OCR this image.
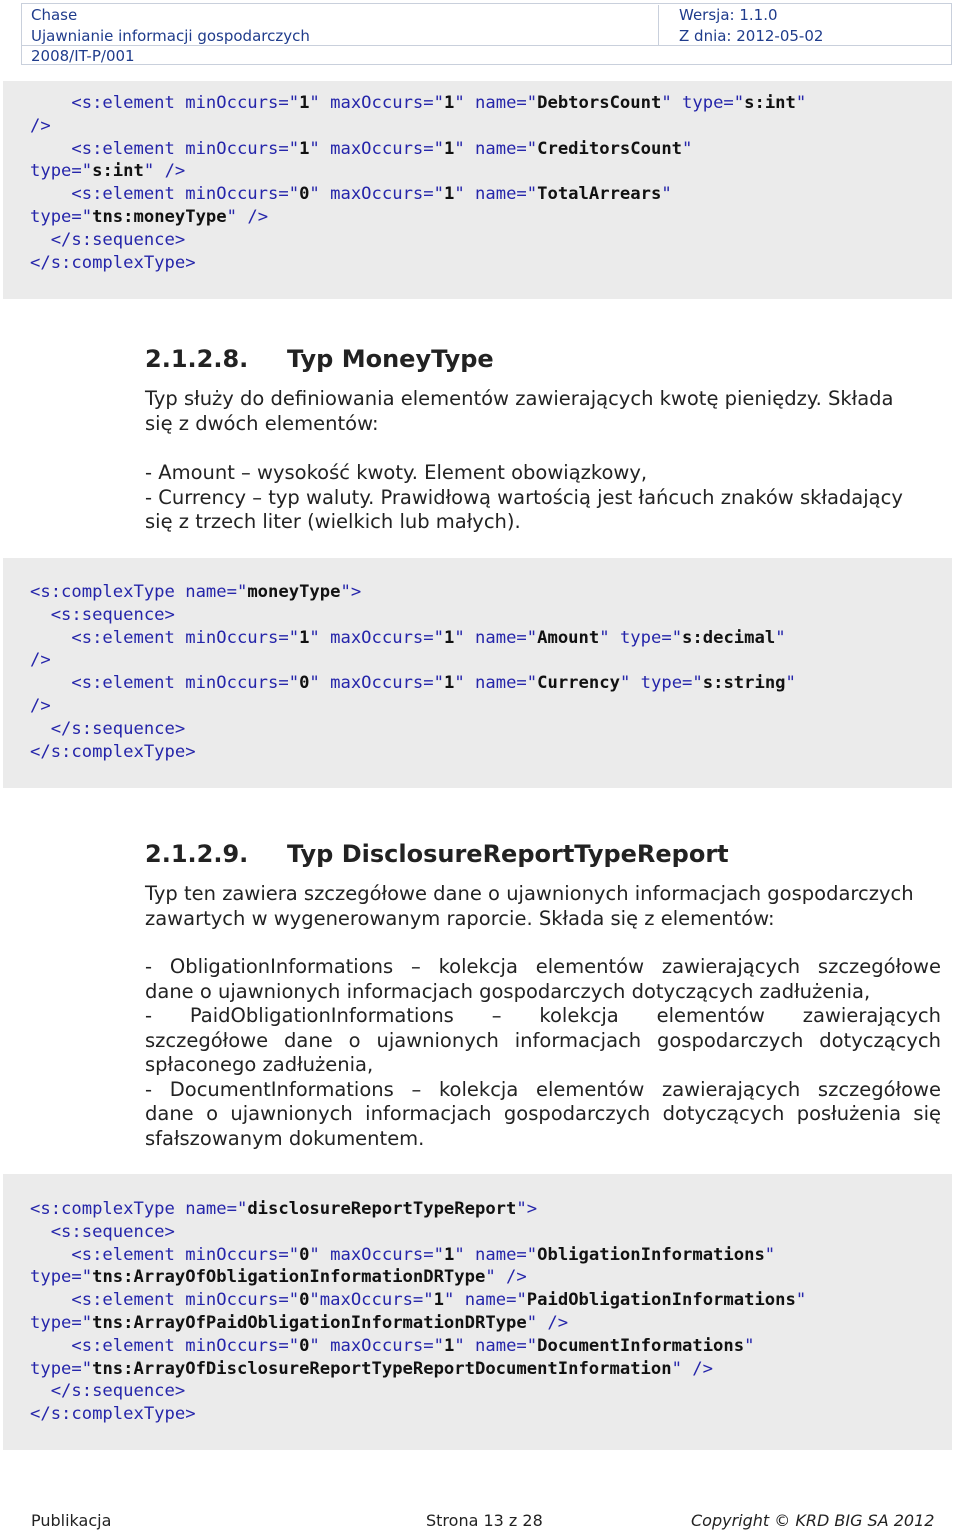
Chase
Ujawnianie informacji gospodarczych
Wersja: 1.1.0
Z dnia: 2012-05-02
2008/IT-P/001
<s:element minOccurs="1" maxOccurs="1" name="DebtorsCount" type="s:int"
/>
<s:element minOccurs="1" maxOccurs="1" name="CreditorsCount"
type="s:int" />
<s:element minOccurs="0" maxOccurs="1" name="TotalArrears"
type="tns:moneyType" />
</s:sequence>
</s:complexType>
2.1.2.8. Typ MoneyType
Typ służy do definiowania elementów zawierających kwotę pieniędzy. Składa
się z dwóch elementów:
- Amount – wysokość kwoty. Element obowiązkowy,
- Currency – typ waluty. Prawidłową wartością jest łańcuch znaków składający
się z trzech liter (wielkich lub małych).
<s:complexType name="moneyType">
<s:sequence>
<s:element minOccurs="1" maxOccurs="1" name="Amount" type="s:decimal"
/>
<s:element minOccurs="0" maxOccurs="1" name="Currency" type="s:string"
/>
</s:sequence>
</s:complexType>
2.1.2.9. Typ DisclosureReportTypeReport
Typ ten zawiera szczegółowe dane o ujawnionych informacjach gospodarczych
zawartych w wygenerowanym raporcie. Składa się z elementów:
- ObligationInformations – kolekcja elementów zawierających szczegółowe
dane o ujawnionych informacjach gospodarczych dotyczących zadłużenia,
- PaidObligationInformations – kolekcja elementów zawierających
szczegółowe dane o ujawnionych informacjach gospodarczych dotyczących
spłaconego zadłużenia,
- DocumentInformations – kolekcja elementów zawierających szczegółowe
dane o ujawnionych informacjach gospodarczych dotyczących posłużenia się
sfałszowanym dokumentem.
<s:complexType name="disclosureReportTypeReport">
<s:sequence>
<s:element minOccurs="0" maxOccurs="1" name="ObligationInformations"
type="tns:ArrayOfObligationInformationDRType" />
<s:element minOccurs="0"maxOccurs="1" name="PaidObligationInformations"
type="tns:ArrayOfPaidObligationInformationDRType" />
<s:element minOccurs="0" maxOccurs="1" name="DocumentInformations"
type="tns:ArrayOfDisclosureReportTypeReportDocumentInformation" />
</s:sequence>
</s:complexType>
Publikacja	Strona 13 z 28	Copyright © KRD BIG SA 2012
